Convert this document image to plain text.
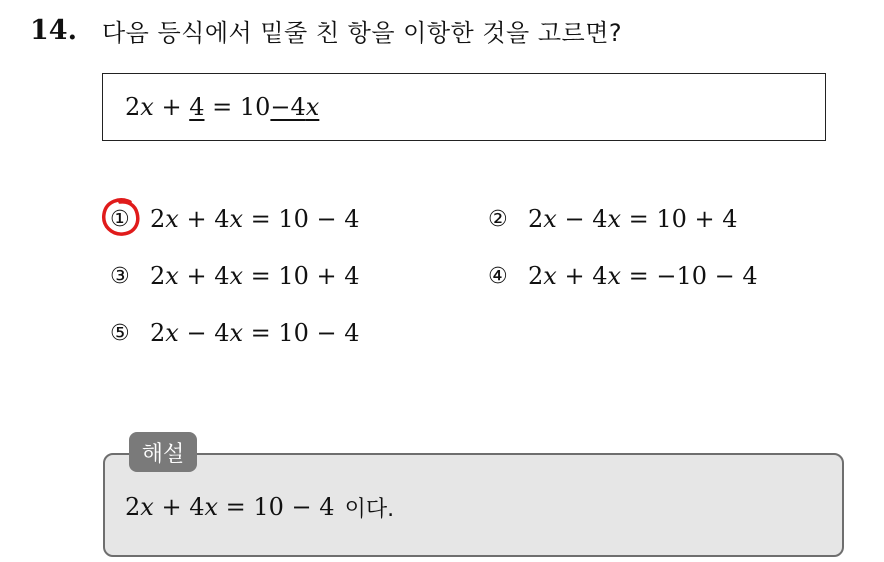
14.	다음 등식에서 밑줄 친 항을 이항한 것을 고르면?
2x + 4 = 10−4x
① 2x + 4x = 10 − 4	② 2x − 4x = 10 + 4
③ 2x + 4x = 10 + 4	④ 2x + 4x = −10 − 4
⑤ 2x − 4x = 10 − 4
해설
2x + 4x = 10 − 4 이다.
